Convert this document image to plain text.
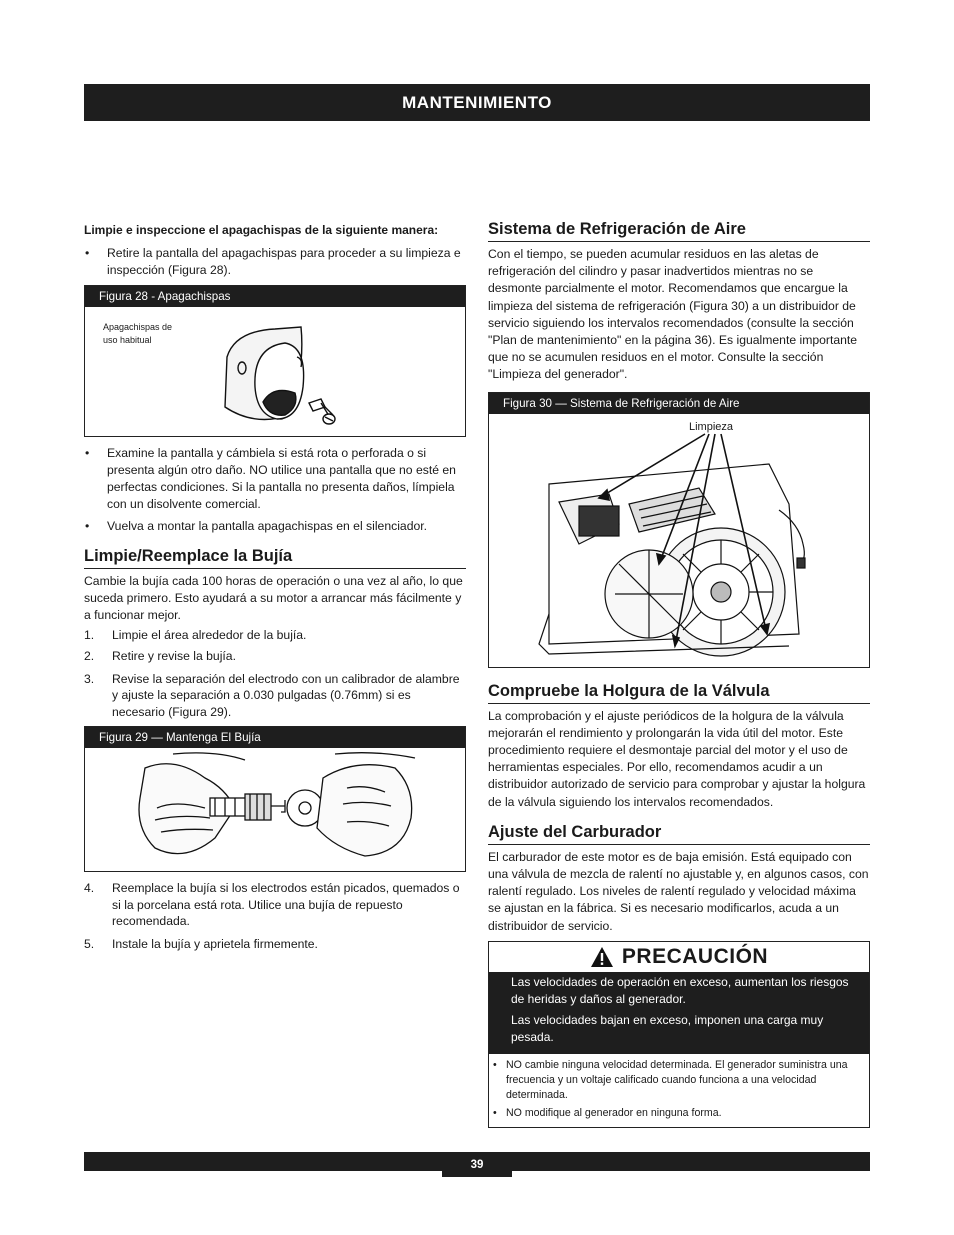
MANTENIMIENTO
Limpie e inspeccione el apagachispas de la siguiente manera:
• Retire la pantalla del apagachispas para proceder a su limpieza e inspección (Figura 28).
Figura 28 - Apagachispas
Apagachispas de
uso habitual
• Examine la pantalla y cámbiela si está rota o perforada o si presenta algún otro daño. NO utilice una pantalla que no esté en perfectas condiciones. Si la pantalla no presenta daños, límpiela con un disolvente comercial.
• Vuelva a montar la pantalla apagachispas en el silenciador.
Limpie/Reemplace la Bujía

Cambie la bujía cada 100 horas de operación o una vez al año, lo que suceda primero. Esto ayudará a su motor a arrancar más fácilmente y a funcionar mejor.

1. Limpie el área alrededor de la bujía.
2. Retire y revise la bujía.
3. Revise la separación del electrodo con un calibrador de alambre y ajuste la separación a 0.030 pulgadas (0.76mm) si es necesario (Figura 29).
Figura 29 — Mantenga El Bujía
4. Reemplace la bujía si los electrodos están picados, quemados o si la porcelana está rota. Utilice una bujía de repuesto recomendada.
5. Instale la bujía y aprietela firmemente.
Sistema de Refrigeración de Aire

Con el tiempo, se pueden acumular residuos en las aletas de refrigeración del cilindro y pasar inadvertidos mientras no se desmonte parcialmente el motor. Recomendamos que encargue la limpieza del sistema de refrigeración (Figura 30) a un distribuidor de servicio siguiendo los intervalos recomendados (consulte la sección "Plan de mantenimiento" en la página 36). Es igualmente importante que no se acumulen residuos en el motor. Consulte la sección "Limpieza del generador".

Figura 30 — Sistema de Refrigeración de Aire
Limpieza
Compruebe la Holgura de la Válvula

La comprobación y el ajuste periódicos de la holgura de la válvula mejorarán el rendimiento y prolongarán la vida útil del motor. Este procedimiento requiere el desmontaje parcial del motor y el uso de herramientas especiales. Por ello, recomendamos acudir a un distribuidor autorizado de servicio para comprobar y ajustar la holgura de la válvula siguiendo los intervalos recomendados.

Ajuste del Carburador

El carburador de este motor es de baja emisión. Está equipado con una válvula de mezcla de ralentí no ajustable y, en algunos casos, con ralentí regulado. Los niveles de ralentí regulado y velocidad máxima se ajustan en la fábrica. Si es necesario modificarlos, acuda a un distribuidor de servicio.

PRECAUCIÓN

Las velocidades de operación en exceso, aumentan los riesgos de heridas y daños al generador.

Las velocidades bajan en exceso, imponen una carga muy pesada.

• NO cambie ninguna velocidad determinada. El generador suministra una frecuencia y un voltaje calificado cuando funciona a una velocidad determinada.
• NO modifique al generador en ninguna forma.
39
